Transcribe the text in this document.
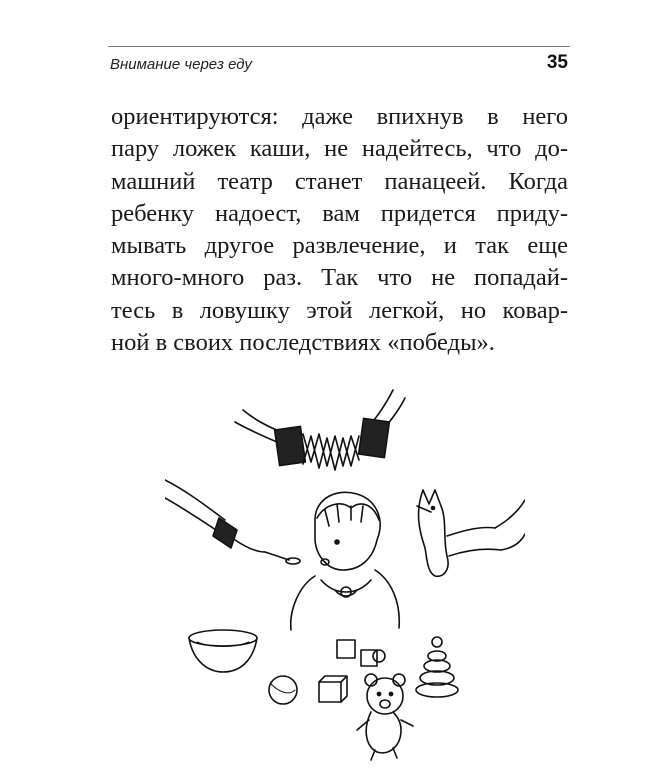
Внимание через еду	35
ориентируются: даже впихнув в него
пару ложек каши, не надейтесь, что до-
машний театр станет панацеей. Когда
ребенку надоест, вам придется приду-
мывать другое развлечение, и так еще
много-много раз. Так что не попадай-
тесь в ловушку этой легкой, но ковар-
ной в своих последствиях «победы».
